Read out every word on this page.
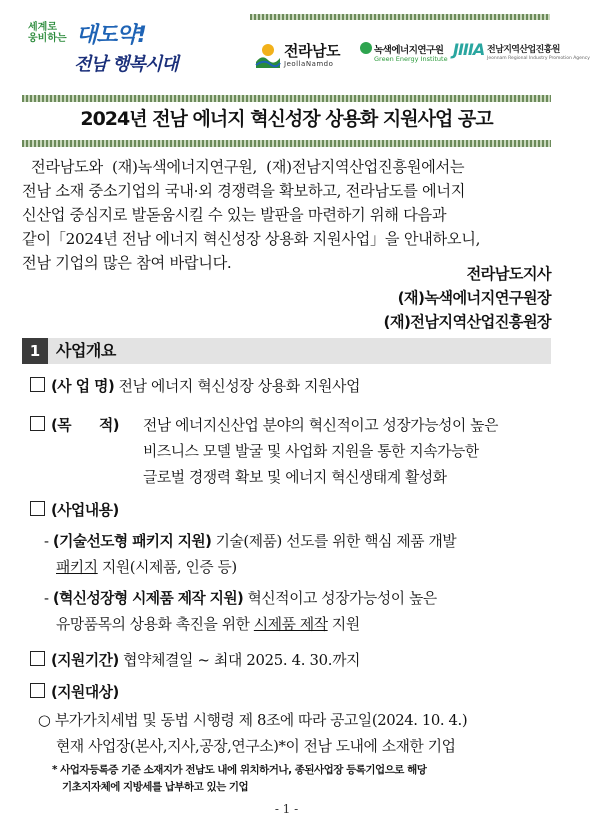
세계로
웅비하는 대도약!
전남 행복시대
전라남도
JeollaNamdo
녹색에너지연구원
Green Energy Institute JIIIA 전남지역산업진흥원
Jeonnam Regional Industry Promotion Agency
2024년 전남 에너지 혁신성장 상용화 지원사업 공고

전라남도와  (재)녹색에너지연구원,  (재)전남지역산업진흥원에서는

전남 소재 중소기업의 국내·외 경쟁력을 확보하고, 전라남도를 에너지

신산업 중심지로 발돋움시킬 수 있는 발판을 마련하기 위해 다음과

같이「2024년 전남 에너지 혁신성장 상용화 지원사업」을 안내하오니,

전남 기업의 많은 참여 바랍니다.

전라남도지사
(재)녹색에너지연구원장
(재)전남지역산업진흥원장
1 사업개요
(사 업 명) 전남 에너지 혁신성장 상용화 지원사업
(목      적) 전남 에너지신산업 분야의 혁신적이고 성장가능성이 높은
비즈니스 모델 발굴 및 사업화 지원을 통한 지속가능한
글로벌 경쟁력 확보 및 에너지 혁신생태계 활성화
(사업내용)
- (기술선도형 패키지 지원) 기술(제품) 선도를 위한 핵심 제품 개발
패키지 지원(시제품, 인증 등)
- (혁신성장형 시제품 제작 지원) 혁신적이고 성장가능성이 높은
유망품목의 상용화 촉진을 위한 시제품 제작 지원
(지원기간) 협약체결일 ~ 최대 2025. 4. 30.까지
(지원대상)
○ 부가가치세법 및 동법 시행령 제 8조에 따라 공고일(2024. 10. 4.)
현재 사업장(본사,지사,공장,연구소)*이 전남 도내에 소재한 기업
* 사업자등록증 기준 소재지가 전남도 내에 위치하거나, 종된사업장 등록기업으로 해당
기초지자체에 지방세를 납부하고 있는 기업
- 1 -
